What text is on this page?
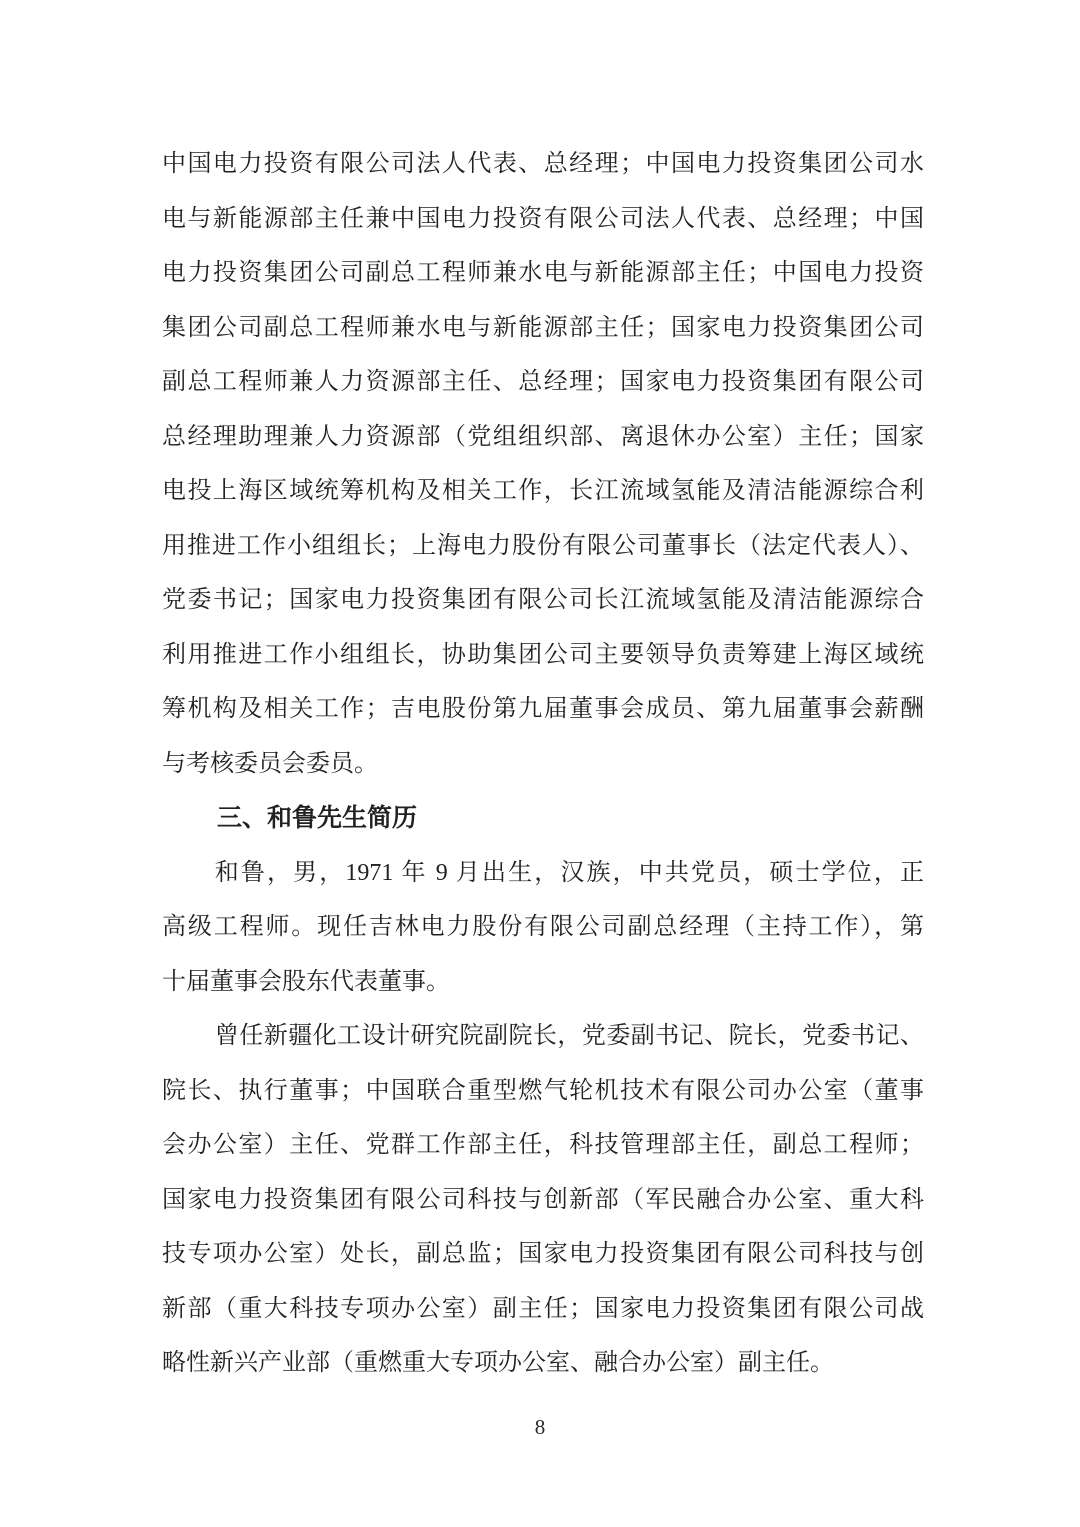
中国电力投资有限公司法人代表、总经理；中国电力投资集团公司水
电与新能源部主任兼中国电力投资有限公司法人代表、总经理；中国
电力投资集团公司副总工程师兼水电与新能源部主任；中国电力投资
集团公司副总工程师兼水电与新能源部主任；国家电力投资集团公司
副总工程师兼人力资源部主任、总经理；国家电力投资集团有限公司
总经理助理兼人力资源部（党组组织部、离退休办公室）主任；国家
电投上海区域统筹机构及相关工作，长江流域氢能及清洁能源综合利
用推进工作小组组长；上海电力股份有限公司董事长（法定代表人）、
党委书记；国家电力投资集团有限公司长江流域氢能及清洁能源综合
利用推进工作小组组长，协助集团公司主要领导负责筹建上海区域统
筹机构及相关工作；吉电股份第九届董事会成员、第九届董事会薪酬
与考核委员会委员。
三、和鲁先生简历
和鲁，男，1971 年 9 月出生，汉族，中共党员，硕士学位，正
高级工程师。现任吉林电力股份有限公司副总经理（主持工作），第
十届董事会股东代表董事。
曾任新疆化工设计研究院副院长，党委副书记、院长，党委书记、
院长、执行董事；中国联合重型燃气轮机技术有限公司办公室（董事
会办公室）主任、党群工作部主任，科技管理部主任，副总工程师；
国家电力投资集团有限公司科技与创新部（军民融合办公室、重大科
技专项办公室）处长，副总监；国家电力投资集团有限公司科技与创
新部（重大科技专项办公室）副主任；国家电力投资集团有限公司战
略性新兴产业部（重燃重大专项办公室、融合办公室）副主任。
8
